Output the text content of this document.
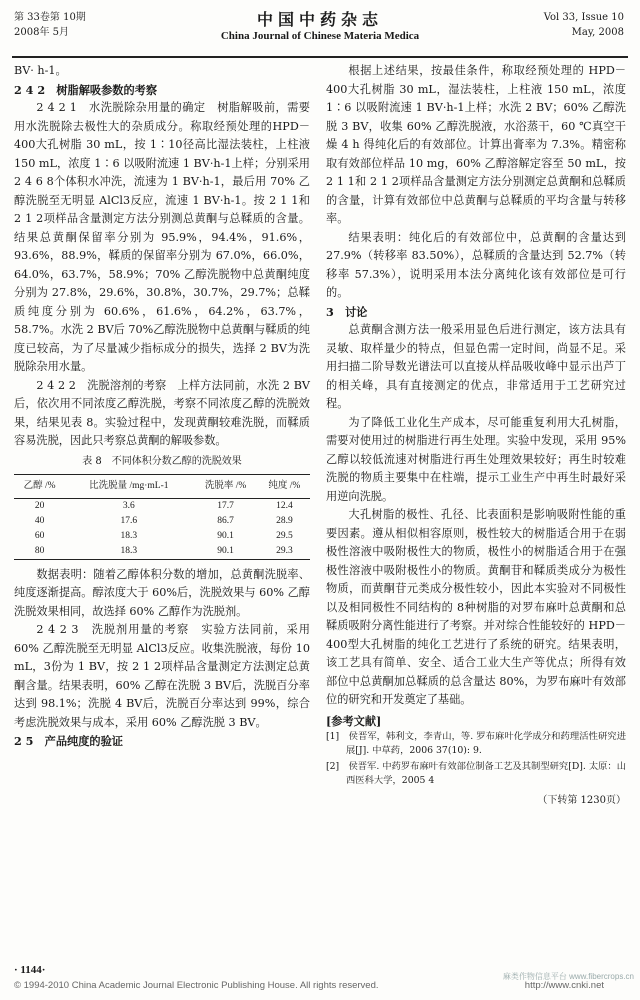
第 33卷第 10期
2008年 5月
中国中药杂志
China Journal of Chinese Materia Medica
Vol 33, Issue 10
May, 2008

BV· h-1。

2 4 2　树脂解吸参数的考察

2 4 2 1　水洗脱除杂用量的确定　树脂解吸前，需要用水洗脱除去极性大的杂质成分。称取经预处理的HPD－400大孔树脂 30 mL，按 1∶10径高比湿法装柱，上柱液 150 mL，浓度 1∶6 以吸附流速 1 BV·h-1上样；分别采用 2 4 6 8个体积水冲洗，流速为 1 BV·h-1，最后用 70% 乙醇洗脱至无明显 AlCl3反应，流速 1 BV·h-1。按 2 1 1和 2 1 2项样品含量测定方法分别测总黄酮与总鞣质的含量。结果总黄酮保留率分别为 95.9%，94.4%，91.6%，93.6%，88.9%，鞣质的保留率分别为 67.0%，66.0%，64.0%，63.7%，58.9%；70% 乙醇洗脱物中总黄酮纯度分别为 27.8%，29.6%，30.8%，30.7%，29.7%；总鞣质纯度分别为 60.6%，61.6%，64.2%，63.7%，58.7%。水洗 2 BV后 70%乙醇洗脱物中总黄酮与鞣质的纯度已较高，为了尽量减少指标成分的损失，选择 2 BV为洗脱除杂用水量。

2 4 2 2　洗脱溶剂的考察　上样方法同前，水洗 2 BV后，依次用不同浓度乙醇洗脱，考察不同浓度乙醇的洗脱效果，结果见表 8。实验过程中，发现黄酮较难洗脱，而鞣质容易洗脱，因此只考察总黄酮的解吸参数。

表 8　不同体积分数乙醇的洗脱效果
乙醇 /%	比洗脱量 /mg·mL-1	洗脱率 /%	纯度 /%
20	3.6	17.7	12.4
40	17.6	86.7	28.9
60	18.3	90.1	29.5
80	18.3	90.1	29.3

数据表明：随着乙醇体积分数的增加，总黄酮洗脱率、纯度逐渐提高。醇浓度大于 60%后，洗脱效果与 60% 乙醇洗脱效果相同，故选择 60% 乙醇作为洗脱剂。

2 4 2 3　洗脱剂用量的考察　实验方法同前，采用 60% 乙醇洗脱至无明显 AlCl3反应。收集洗脱液，每份 10 mL，3份为 1 BV，按 2 1 2项样品含量测定方法测定总黄酮含量。结果表明，60% 乙醇在洗脱 3 BV后，洗脱百分率达到 98.1%；洗脱 4 BV后，洗脱百分率达到 99%，综合考虑洗脱效果与成本，采用 60% 乙醇洗脱 3 BV。

2 5　产品纯度的验证

根据上述结果，按最佳条件，称取经预处理的 HPD－400大孔树脂 30 mL，湿法装柱，上柱液 150 mL，浓度 1∶6 以吸附流速 1 BV·h-1上样；水洗 2 BV；60% 乙醇洗脱 3 BV，收集 60% 乙醇洗脱液，水浴蒸干，60 ℃真空干燥 4 h 得纯化后的有效部位。计算出膏率为 7.3%。精密称取有效部位样品 10 mg，60% 乙醇溶解定容至 50 mL，按 2 1 1和 2 1 2项样品含量测定方法分别测定总黄酮和总鞣质的含量，计算有效部位中总黄酮与总鞣质的平均含量与转移率。

结果表明：纯化后的有效部位中，总黄酮的含量达到 27.9%（转移率 83.50%），总鞣质的含量达到 52.7%（转移率 57.3%），说明采用本法分离纯化该有效部位是可行的。

3　讨论

总黄酮含测方法一般采用显色后进行测定，该方法具有灵敏、取样量少的特点，但显色需一定时间，尚显不足。采用扫描二阶导数光谱法可以直接从样品吸收峰中显示出芦丁的相关峰，具有直接测定的优点，非常适用于工艺研究过程。

为了降低工业化生产成本，尽可能重复利用大孔树脂，需要对使用过的树脂进行再生处理。实验中发现，采用 95% 乙醇以较低流速对树脂进行再生处理效果较好；再生时较难洗脱的物质主要集中在柱端，提示工业生产中再生时最好采用逆向洗脱。

大孔树脂的极性、孔径、比表面积是影响吸附性能的重要因素。遵从相似相容原则，极性较大的树脂适合用于在弱极性溶液中吸附极性大的物质，极性小的树脂适合用于在强极性溶液中吸附极性小的物质。黄酮苷和鞣质类成分为极性物质，而黄酮苷元类成分极性较小，因此本实验对不同极性以及相同极性不同结构的 8种树脂的对罗布麻叶总黄酮和总鞣质吸附分离性能进行了考察。并对综合性能较好的 HPD－400型大孔树脂的纯化工艺进行了系统的研究。结果表明，该工艺具有简单、安全、适合工业大生产等优点；所得有效部位中总黄酮加总鞣质的总含量达 80%，为罗布麻叶有效部位的研究和开发奠定了基础。

[参考文献]

[1]　侯晋军，韩利文，李青山，等. 罗布麻叶化学成分和药理活性研究进展[J]. 中草药，2006 37(10): 9.
[2]　侯晋军. 中药罗布麻叶有效部位制备工艺及其制型研究[D]. 太原：山西医科大学，2005 4
（下转第 1230页）
· 1144·
© 1994-2010 China Academic Journal Electronic Publishing House. All rights reserved.	http://www.cnki.net
麻类作物信息平台 www.fibercrops.cn
